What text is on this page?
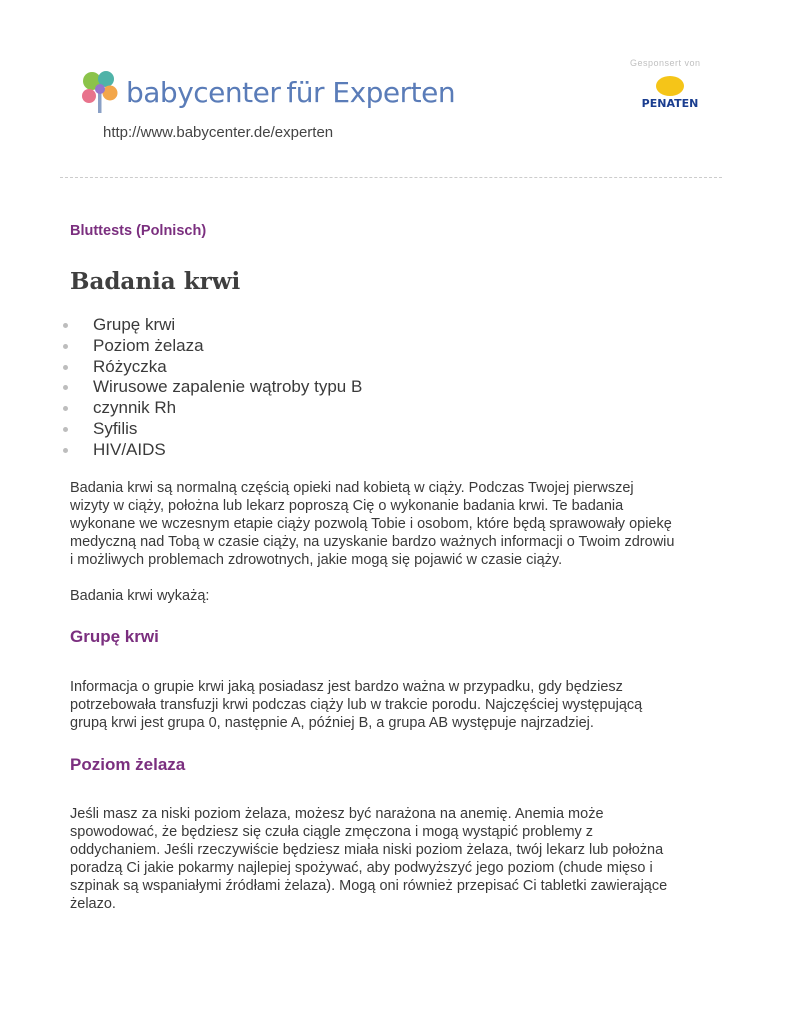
babycenter für Experten
http://www.babycenter.de/experten
Gesponsert von
PENATEN
Bluttests (Polnisch)
Badania krwi
Grupę krwi
Poziom żelaza
Różyczka
Wirusowe zapalenie wątroby typu B
czynnik Rh
Syfilis
HIV/AIDS

Badania krwi są normalną częścią opieki nad kobietą w ciąży. Podczas Twojej pierwszej
wizyty w ciąży, położna lub lekarz poproszą Cię o wykonanie badania krwi. Te badania
wykonane we wczesnym etapie ciąży pozwolą Tobie i osobom, które będą sprawowały opiekę
medyczną nad Tobą w czasie ciąży, na uzyskanie bardzo ważnych informacji o Twoim zdrowiu
i możliwych problemach zdrowotnych, jakie mogą się pojawić w czasie ciąży.

Badania krwi wykażą:

Grupę krwi

Informacja o grupie krwi jaką posiadasz jest bardzo ważna w przypadku, gdy będziesz
potrzebowała transfuzji krwi podczas ciąży lub w trakcie porodu. Najczęściej występującą
grupą krwi jest grupa 0, następnie A, później B, a grupa AB występuje najrzadziej.

Poziom żelaza

Jeśli masz za niski poziom żelaza, możesz być narażona na anemię. Anemia może
spowodować, że będziesz się czuła ciągle zmęczona i mogą wystąpić problemy z
oddychaniem. Jeśli rzeczywiście będziesz miała niski poziom żelaza, twój lekarz lub położna
poradzą Ci jakie pokarmy najlepiej spożywać, aby podwyższyć jego poziom (chude mięso i
szpinak są wspaniałymi źródłami żelaza). Mogą oni również przepisać Ci tabletki zawierające
żelazo.
